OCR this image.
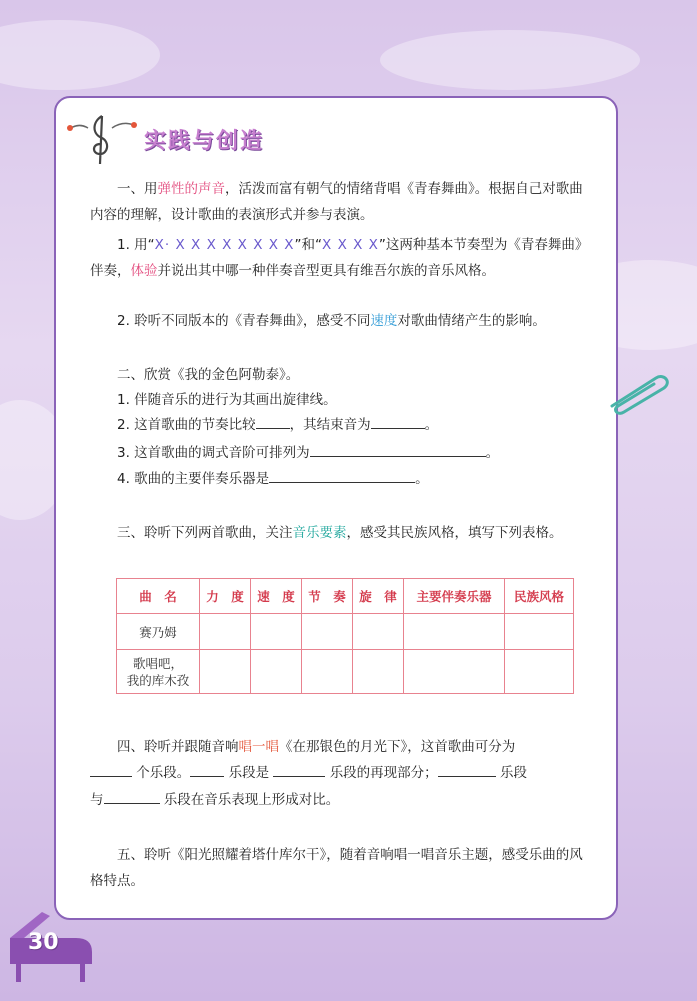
实践与创造

一、用弹性的声音，活泼而富有朝气的情绪背唱《青春舞曲》。根据自己对歌曲内容的理解，设计歌曲的表演形式并参与表演。

1. 用“X· X X X X X X X X”和“X X X X”这两种基本节奏型为《青春舞曲》伴奏，体验并说出其中哪一种伴奏音型更具有维吾尔族的音乐风格。

2. 聆听不同版本的《青春舞曲》，感受不同速度对歌曲情绪产生的影响。

二、欣赏《我的金色阿勒泰》。

1. 伴随音乐的进行为其画出旋律线。

2. 这首歌曲的节奏比较	，其结束音为	。

3. 这首歌曲的调式音阶可排列为	。

4. 歌曲的主要伴奏乐器是	。

三、聆听下列两首歌曲，关注音乐要素，感受其民族风格，填写下列表格。

曲　名	力　度	速　度	节　奏	旋　律	主要伴奏乐器	民族风格
赛乃姆						
歌唱吧，
我的库木孜						

四、聆听并跟随音响唱一唱《在那银色的月光下》，这首歌曲可分为

个乐段。	乐段是	乐段的再现部分；	乐段

与	乐段在音乐表现上形成对比。

五、聆听《阳光照耀着塔什库尔干》，随着音响唱一唱音乐主题，感受乐曲的风格特点。

30
